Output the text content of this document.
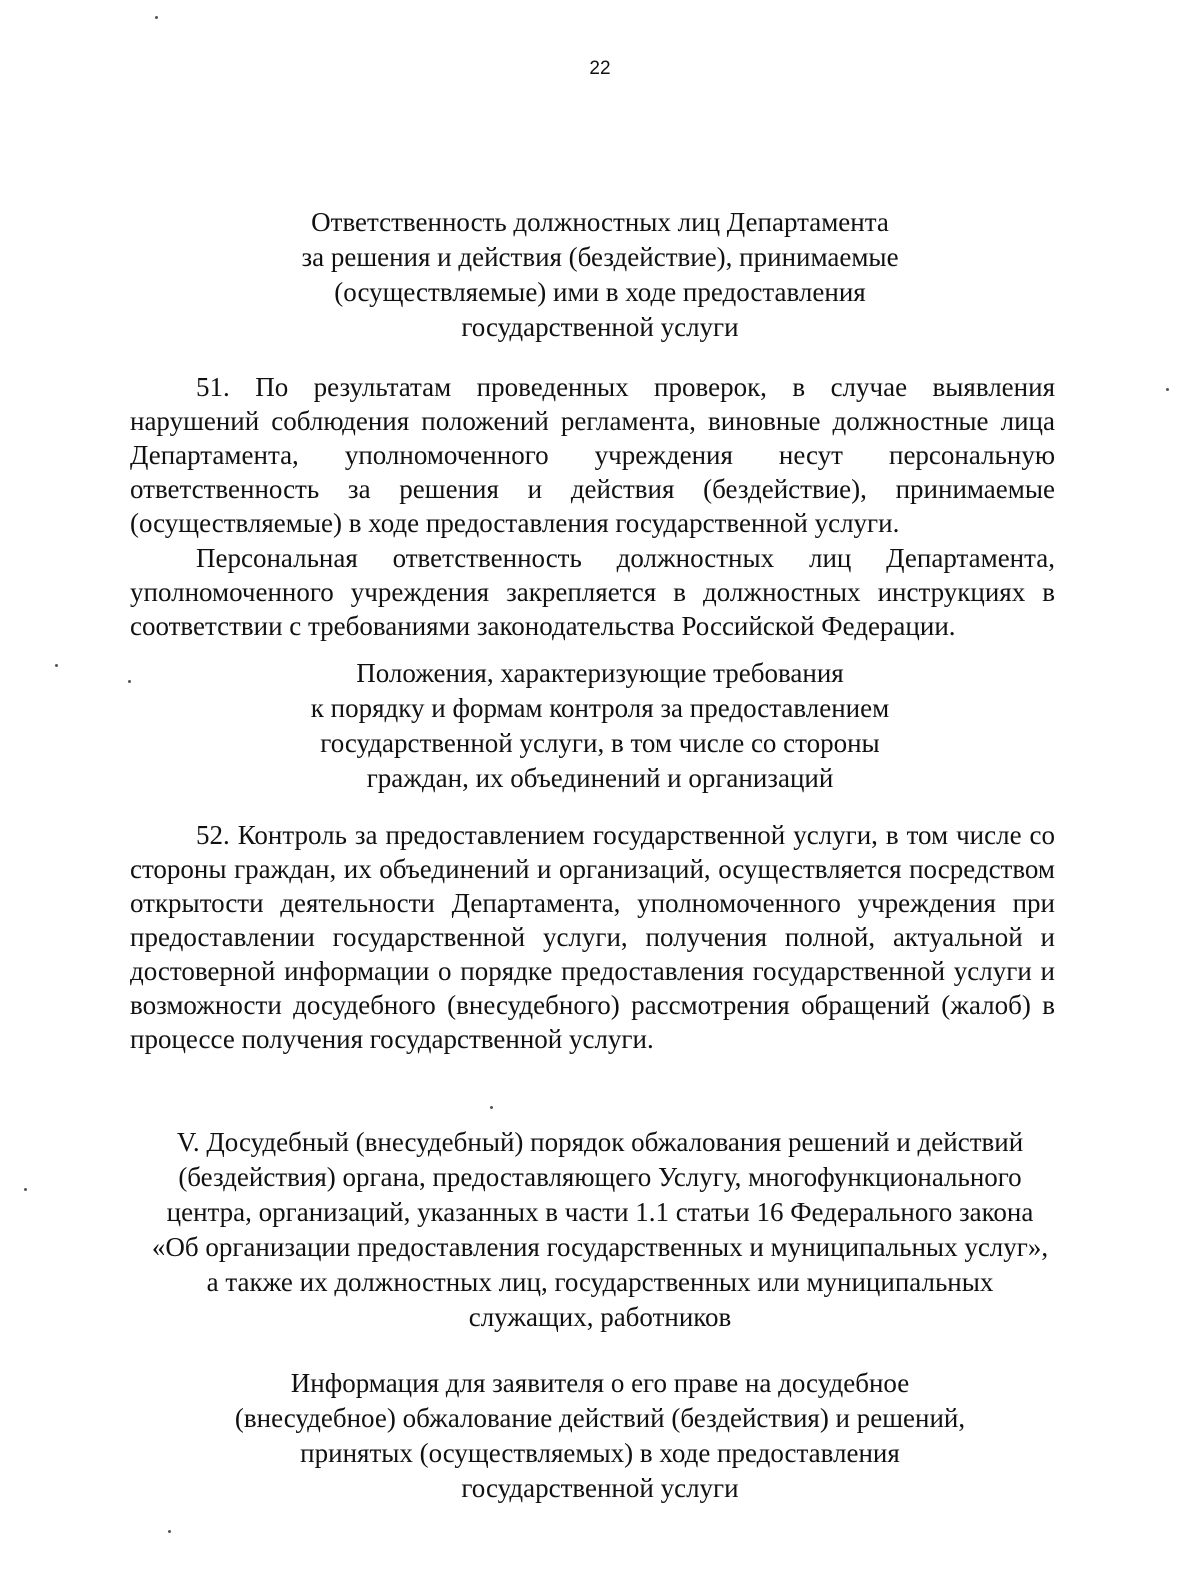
22
Ответственность должностных лиц Департамента
за решения и действия (бездействие), принимаемые
(осуществляемые) ими в ходе предоставления
государственной услуги
51. По результатам проведенных проверок, в случае выявления нарушений соблюдения положений регламента, виновные должностные лица Департамента, уполномоченного учреждения несут персональную ответственность за решения и действия (бездействие), принимаемые (осуществляемые) в ходе предоставления государственной услуги.
Персональная ответственность должностных лиц Департамента, уполномоченного учреждения закрепляется в должностных инструкциях в соответствии с требованиями законодательства Российской Федерации.
Положения, характеризующие требования
к порядку и формам контроля за предоставлением
государственной услуги, в том числе со стороны
граждан, их объединений и организаций
52. Контроль за предоставлением государственной услуги, в том числе со стороны граждан, их объединений и организаций, осуществляется посредством открытости деятельности Департамента, уполномоченного учреждения при предоставлении государственной услуги, получения полной, актуальной и достоверной информации о порядке предоставления государственной услуги и возможности досудебного (внесудебного) рассмотрения обращений (жалоб) в процессе получения государственной услуги.
V. Досудебный (внесудебный) порядок обжалования решений и действий
(бездействия) органа, предоставляющего Услугу, многофункционального
центра, организаций, указанных в части 1.1 статьи 16 Федерального закона
«Об организации предоставления государственных и муниципальных услуг»,
а также их должностных лиц, государственных или муниципальных
служащих, работников
Информация для заявителя о его праве на досудебное
(внесудебное) обжалование действий (бездействия) и решений,
принятых (осуществляемых) в ходе предоставления
государственной услуги
